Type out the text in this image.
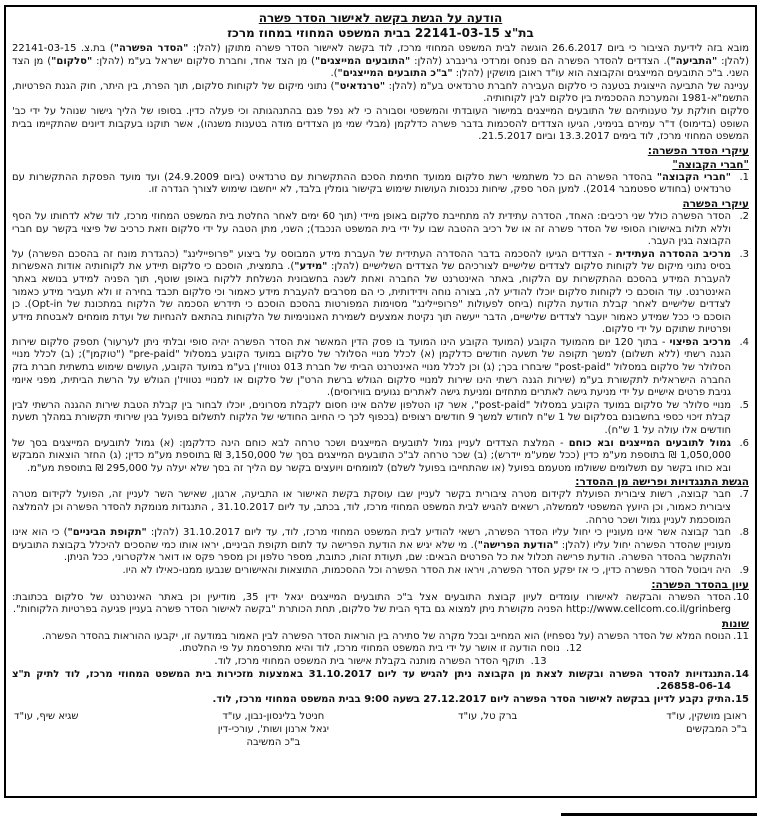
הודעה על הגשת בקשה לאישור הסדר פשרה
בת"צ 22141-03-15 בבית המשפט המחוזי במחוז מרכז

מובא בזה לידיעת הציבור כי ביום 26.6.2017 הוגשה לבית המשפט המחוזי מרכז, לוד בקשה לאישור הסדר פשרה מתוקן (להלן: "הסדר הפשרה") בת.צ. 22141-03-15 (להלן: "התביעה"). הצדדים להסדר הפשרה הם פנחס ומרדכי גרינברג (להלן: "התובעים המייצגים") מן הצד אחד, וחברת סלקום ישראל בע"מ (להלן: "סלקום") מן הצד השני. ב"כ התובעים המייצגים והקבוצה הוא עו"ד ראובן מושקין (להלן: "ב"כ התובעים המייצגים").

עניינה של התביעה הייצוגית בטענה כי סלקום העבירה לחברת טרנדאיט בע"מ (להלן: "טרנדאיט") נתוני מיקום של לקוחות סלקום, תוך הפרת, בין היתר, חוק הגנת הפרטיות, התשמ"א-1981 והמערכת ההסכמית בין סלקום לבין לקוחותיה.

סלקום חולקת על טענותיהם של התובעים המייצגים במישור העובדתי והמשפטי וסבורה כי לא נפל פגם בהתנהגותה וכי פעלה כדין. בסופו של הליך גישור שנוהל על ידי כב' השופט (בדימוס) ד"ר עמירם בנימיני, הגיעו הצדדים להסכמות בדבר פשרה כדלקמן (מבלי שמי מן הצדדים מודה בטענות משנהו), אשר תוקנו בעקבות דיונים שהתקיימו בבית המשפט המחוזי מרכז, לוד בימים 13.3.2017 וביום 21.5.2017.

עיקרי הסדר הפשרה:
"חברי הקבוצה"
1.
"חברי הקבוצה" בהסדר הפשרה הם כל משתמשי רשת סלקום ממועד חתימת הסכם ההתקשרות עם טרנדאיט (ביום 24.9.2009) ועד מועד הפסקת ההתקשרות עם טרנדאיט (בחודש ספטמבר 2014). למען הסר ספק, שיחות נכנסות העושות שימוש בקישור גומלין בלבד, לא ייחשבו שימוש לצורך הגדרה זו.
עיקרי הפשרה
2.
הסדר הפשרה כולל שני רכיבים: האחד, הסדרה עתידית לה מתחייבת סלקום באופן מיידי (תוך 60 ימים לאחר החלטת בית המשפט המחוזי מרכז, לוד שלא לדחותו על הסף וללא תלות באישורו הסופי של הסדר פשרה זה או של רכיב ההטבה שבו על ידי בית המשפט הנכבד); השני, מתן הטבה על ידי סלקום וזאת כרכיב של פיצוי בקשר עם חברי הקבוצה בגין העבר.
3.
מרכיב ההסדרה העתידית - הצדדים הגיעו להסכמה בדבר ההסדרה העתידית של העברת מידע המבוסס על ביצוע "פרופיילינג" (כהגדרת מונח זה בהסכם הפשרה) על בסיס נתוני מיקום של לקוחות סלקום לצדדים שלישיים לצורכיהם של הצדדים השלישיים (להלן: "מידע"). בתמצית, הוסכם כי סלקום תיידע את לקוחותיה אודות האפשרות להעברת המידע בהסכם ההתקשרות עם הלקוח, באתר האינטרנט של החברה ואחת לשנה בחשבונית הנשלחת ללקוח באופן שוטף, תוך הפניה למידע בנושא באתר האינטרנט. עוד הוסכם כי לקוחות סלקום יוכלו להודיע לה, בצורה נוחה וידידותית, כי הם מסרבים להעברת מידע כאמור וכי סלקום תכבד בחירה זו ולא תעביר מידע כאמור לצדדים שלישיים לאחר קבלת הודעת הלקוח (ביחס לפעולות "פרופיילינג" מסוימות המפורטות בהסכם הוסכם כי תידרש הסכמה של הלקוח במתכונת של Opt-in). כן הוסכם כי ככל שמידע כאמור יועבר לצדדים שלישיים, הדבר ייעשה תוך נקיטת אמצעים לשמירת האנונימיות של הלקוחות בהתאם להנחיות של ועדת מומחים לאבטחת מידע ופרטיות שתוקם על ידי סלקום.
4.
מרכיב הפיצוי - בתוך 120 יום מהמועד הקובע (המועד הקובע הינו המועד בו פסק הדין המאשר את הסדר הפשרה יהיה סופי ובלתי ניתן לערעור) תספק סלקום שירות הגנה רשתי (ללא תשלום) למשך תקופה של תשעה חודשים כדלקמן (א) לכלל מנויי הסלולר של סלקום במועד הקובע במסלול "pre-paid" ("טוקמן"); (ב) לכלל מנויי הסלולר של סלקום במסלול "post-paid" שיבחרו בכך; (ג) וכן לכלל מנויי האינטרנט הביתי של חברת 013 נטוויז'ן בע"מ במועד הקובע, העושים שימוש בתשתית חברת בזק החברה הישראלית לתקשורת בע"מ (שירות הגנה רשתי הינו שירות למנויי סלקום הגולש ברשת הרט"ן של סלקום או למנויי נטוויז'ן הגולש על הרשת הביתית, מפני איומי גניבת פרטים אישיים על ידי מניעת גישה לאתרים מתחזים ומניעת גישה לאתרים נגועים בווירוסים).
5.
מנויי סלולר של סלקום במועד הקובע במסלול "post-paid", אשר קו הטלפון שלהם אינו חסום לקבלת מסרונים, יוכלו לבחור בין קבלת הטבת שירות ההגנה הרשתי לבין קבלת זיכוי כספי בחשבונם בסלקום של 1 ש"ח לחודש למשך 9 חודשים רצופים (בכפוף לכך כי החיוב החודשי של הלקוח לתשלום בפועל בגין שירותי תקשורת במהלך תשעת חודשים אלו עולה על 1 ש"ח).
6.
גמול לתובעים המייצגים ובא כוחם - המלצת הצדדים לעניין גמול לתובעים המייצגים ושכר טרחה לבא כוחם הינה כדלקמן: (א) גמול לתובעים המייצגים בסך של 1,050,000 ₪ בתוספת מע"מ כדין (ככל שמע"מ יידרש); (ב) שכר טרחה לב"כ התובעים המייצגים בסך של 3,150,000 ₪ בתוספת מע"מ כדין; (ג) החזר הוצאות המבקש ובא כוחו בקשר עם תשלומים ששולמו מטעמם בפועל (או שהתחייבו בפועל לשלם) למומחים ויועצים בקשר עם הליך זה בסך שלא יעלה על 295,000 ₪ בתוספת מע"מ.
הגשת התנגדויות ופרישה מן ההסדר:
7.
חבר קבוצה, רשות ציבורית הפועלת לקידום מטרה ציבורית בקשר לעניין שבו עוסקת בקשת האישור או התביעה, ארגון, שאישר השר לעניין זה, הפועל לקידום מטרה ציבורית כאמור, וכן היועץ המשפטי לממשלה, רשאים להגיש לבית המשפט המחוזי מרכז, לוד, בכתב, עד ליום 31.10.2017 , התנגדות מנומקת להסדר הפשרה וכן להמלצה המוסכמת לעניין גמול ושכר טרחה.
8.
חבר קבוצה אשר אינו מעוניין כי יחול עליו הסדר הפשרה, רשאי להודיע לבית המשפט המחוזי מרכז, לוד, עד ליום 31.10.2017 (להלן: "תקופת הביניים") כי הוא אינו מעוניין שהסדר הפשרה יחול עליו (להלן: "הודעת הפרישה"). מי שלא יגיש את הודעת הפרישה עד לתום תקופת הביניים, יראו אותו כמי שהסכים להיכלל בקבוצת התובעים ולהתקשר בהסדר הפשרה. הודעת פרישה תכלול את כל הפרטים הבאים: שם, תעודת זהות, כתובת, מספר טלפון וכן מספר פקס או דואר אלקטרוני, ככל הניתן.
9.
היה ויבוטל הסדר הפשרה כדין, כי אז יפקע הסדר הפשרה, ויראו את הסדר הפשרה וכל ההסכמות, התוצאות והאישורים שנבעו ממנו-כאילו לא היו.
עיון בהסדר הפשרה:
10.
הסדר הפשרה והבקשה לאישורו עומדים לעיון קבוצת התובעים אצל ב"כ התובעים המייצגים יגאל ידין 35, מודיעין וכן באתר האינטרנט של סלקום בכתובת: http://www.cellcom.co.il/grinberg הפניה מקושרת ניתן למצוא גם בדף הבית של סלקום, תחת הכותרת "בקשה לאישור הסדר פשרה בעניין פגיעה בפרטיות הלקוחות".
שונות
11.
הנוסח המלא של הסדר הפשרה (על נספחיו) הוא המחייב ובכל מקרה של סתירה בין הוראות הסדר הפשרה לבין האמור במודעה זו, יקבעו ההוראות בהסדר הפשרה.
12. נוסח הודעה זו אושר על ידי בית המשפט המחוזי מרכז, לוד והיא מתפרסמת על פי החלטתו.
13. תוקף הסדר הפשרה מותנה בקבלת אישור בית המשפט המחוזי מרכז, לוד.
14.
התנגדויות להסדר הפשרה ובקשות לצאת מן הקבוצה ניתן להגיש עד ליום 31.10.2017 באמצעות מזכירות בית המשפט המחוזי מרכז, לוד לתיק ת"צ 26858-06-14.
15.
התיק נקבע לדיון בבקשה לאישור הסדר הפשרה ליום 27.12.2017 בשעה 9:00 בבית המשפט המחוזי מרכז, לוד.
ראובן מושקין, עו"ד
ב"כ המבקשים
ברק טל, עו"ד
חניטל בלינסון-נבון, עו"ד
יגאל ארנון ושות', עורכי-דין
ב"כ המשיבה
שגיא שיף, עו"ד
